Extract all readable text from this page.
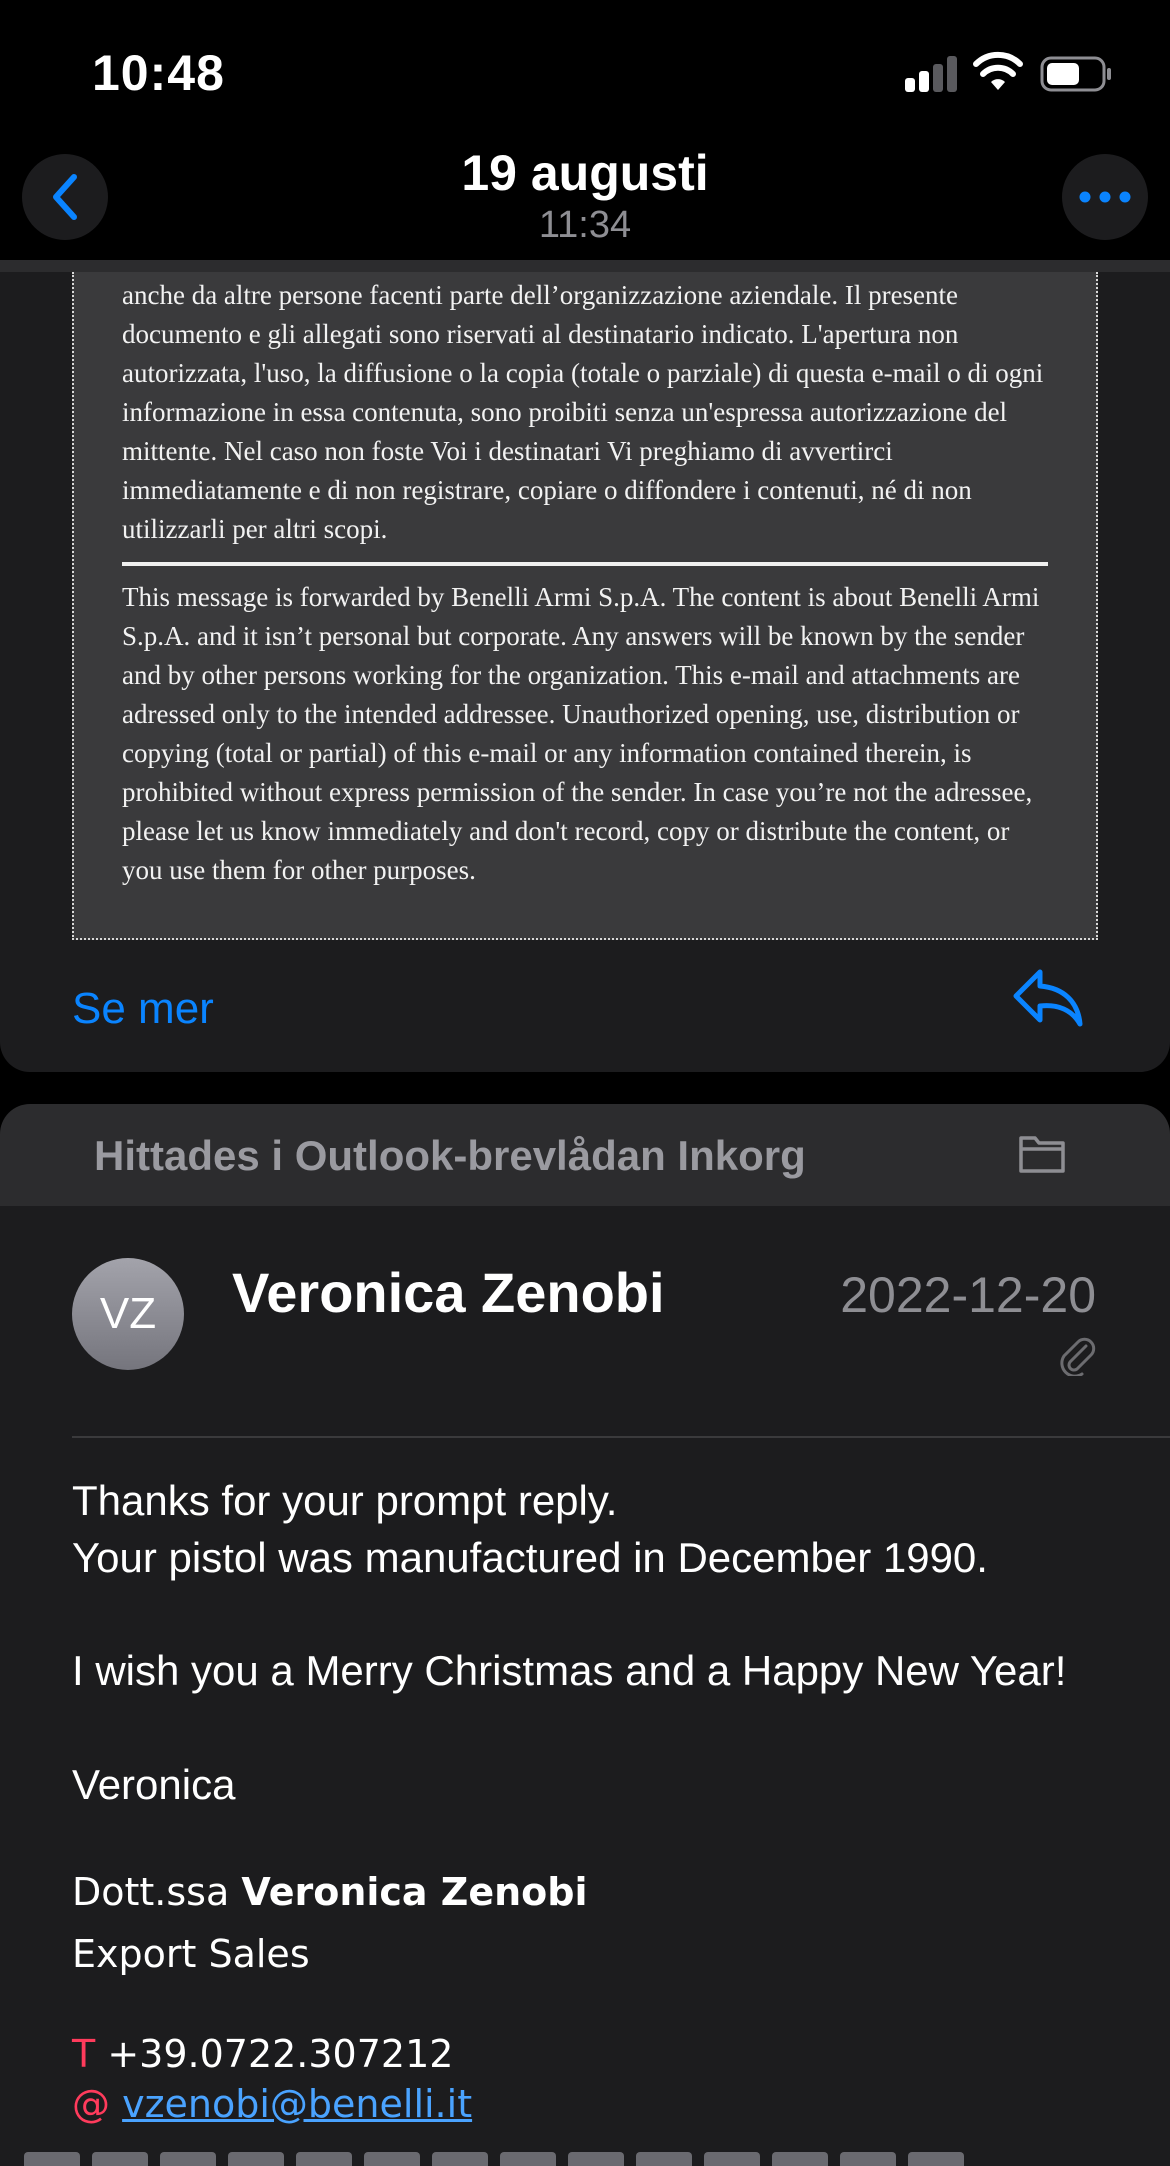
10:48
19 augusti
11:34

anche da altre persone facenti parte dell’organizzazione aziendale. Il presente documento e gli allegati sono riservati al destinatario indicato. L'apertura non autorizzata, l'uso, la diffusione o la copia (totale o parziale) di questa e-mail o di ogni informazione in essa contenuta, sono proibiti senza un'espressa autorizzazione del mittente. Nel caso non foste Voi i destinatari Vi preghiamo di avvertirci immediatamente e di non registrare, copiare o diffondere i contenuti, né di non utilizzarli per altri scopi.

This message is forwarded by Benelli Armi S.p.A. The content is about Benelli Armi S.p.A. and it isn’t personal but corporate. Any answers will be known by the sender and by other persons working for the organization. This e-mail and attachments are adressed only to the intended addressee. Unauthorized opening, use, distribution or copying (total or partial) of this e-mail or any information contained therein, is prohibited without express permission of the sender. In case you’re not the adressee, please let us know immediately and don't record, copy or distribute the content, or you use them for other purposes.

Se mer
Hittades i Outlook-brevlådan Inkorg
VZ Veronica Zenobi	2022-12-20
Thanks for your prompt reply.
Your pistol was manufactured in December 1990.
I wish you a Merry Christmas and a Happy New Year!
Veronica
Dott.ssa Veronica Zenobi
Export Sales
T +39.0722.307212
@ vzenobi@benelli.it
